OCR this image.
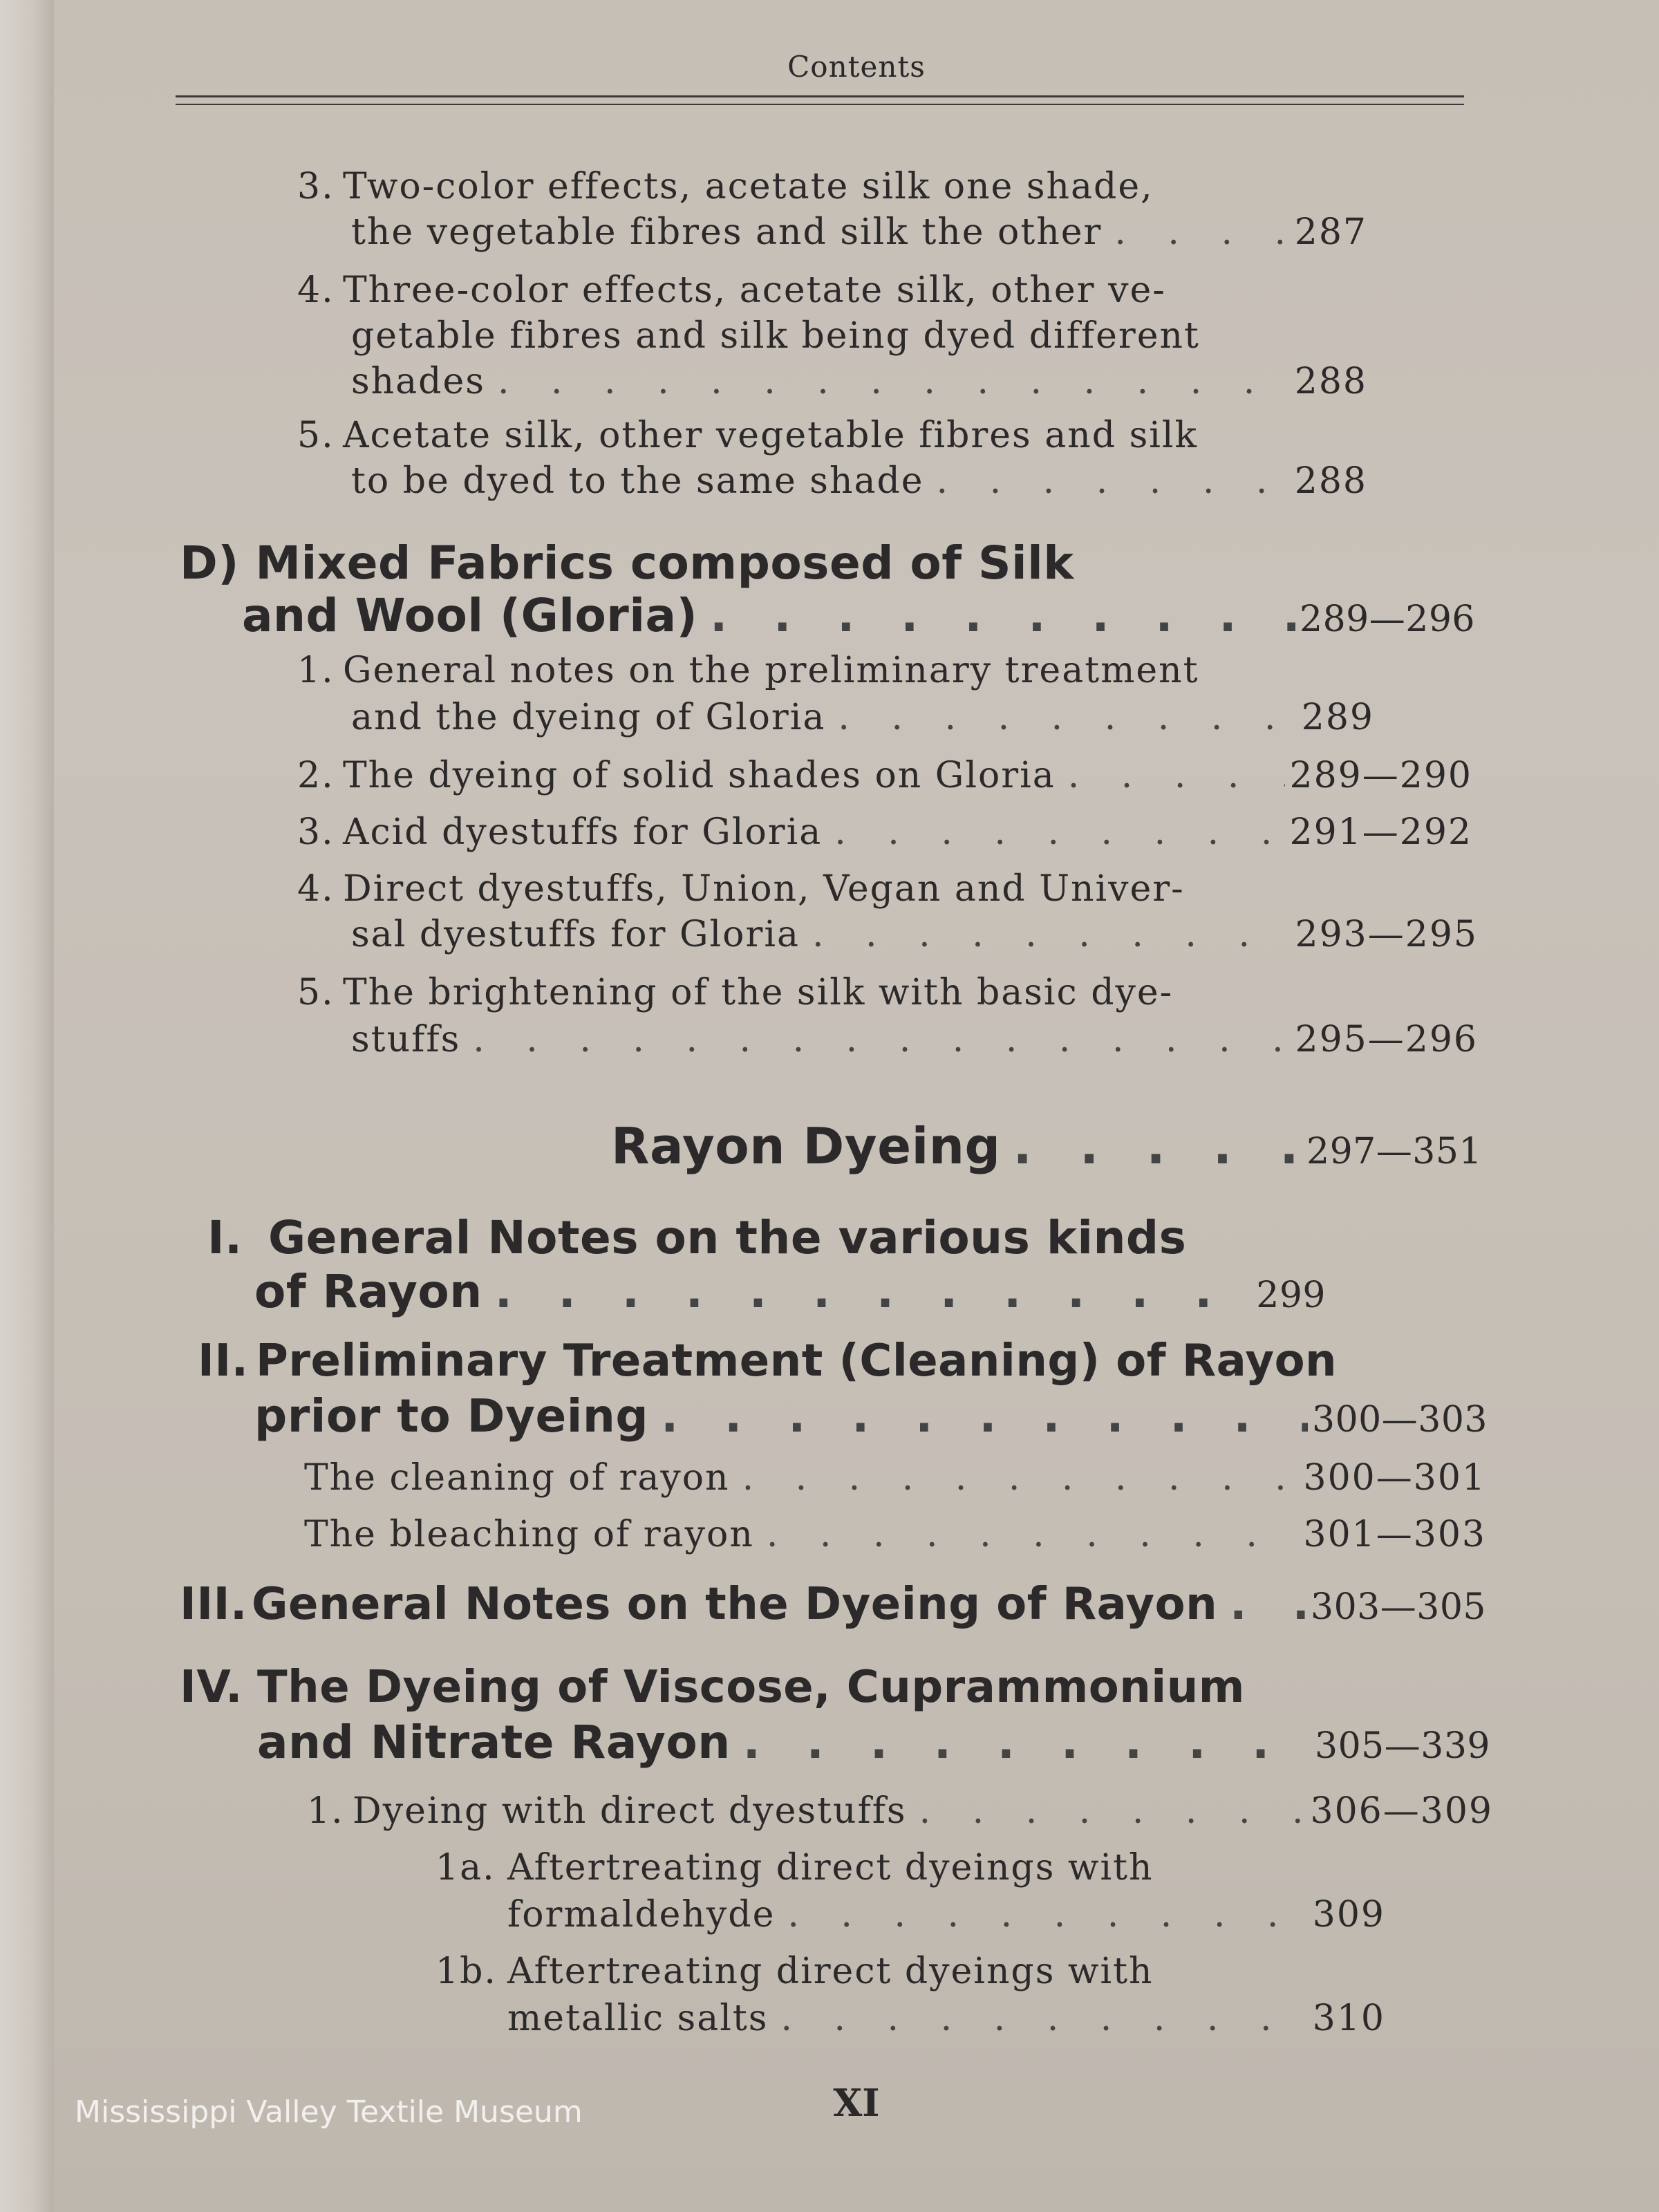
Contents
3. Two-color effects, acetate silk one shade,
the vegetable fibres and silk the other . . .	287
4. Three-color effects, acetate silk, other ve-
getable fibres and silk being dyed different
shades . . .	288
5. Acetate silk, other vegetable fibres and silk
to be dyed to the same shade . . .	288
D) Mixed Fabrics composed of Silk
and Wool (Gloria) . . .	289—296
1. General notes on the preliminary treatment
and the dyeing of Gloria . . .	289
2. The dyeing of solid shades on Gloria . . .	289—290
3. Acid dyestuffs for Gloria . . .	291—292
4. Direct dyestuffs, Union, Vegan and Univer-
sal dyestuffs for Gloria . . .	293—295
5. The brightening of the silk with basic dye-
stuffs . . .	295—296
Rayon Dyeing . . .	297—351
I. General Notes on the various kinds
of Rayon . . .	299
II. Preliminary Treatment (Cleaning) of Rayon
prior to Dyeing . . .	300—303
The cleaning of rayon . . .	300—301
The bleaching of rayon . . .	301—303
III. General Notes on the Dyeing of Rayon . . .	303—305
IV. The Dyeing of Viscose, Cuprammonium
and Nitrate Rayon . . .	305—339
1. Dyeing with direct dyestuffs . . .	306—309
1a. Aftertreating direct dyeings with
formaldehyde . . .	309
1b. Aftertreating direct dyeings with
metallic salts . . .	310
XI
Mississippi Valley Textile Museum
